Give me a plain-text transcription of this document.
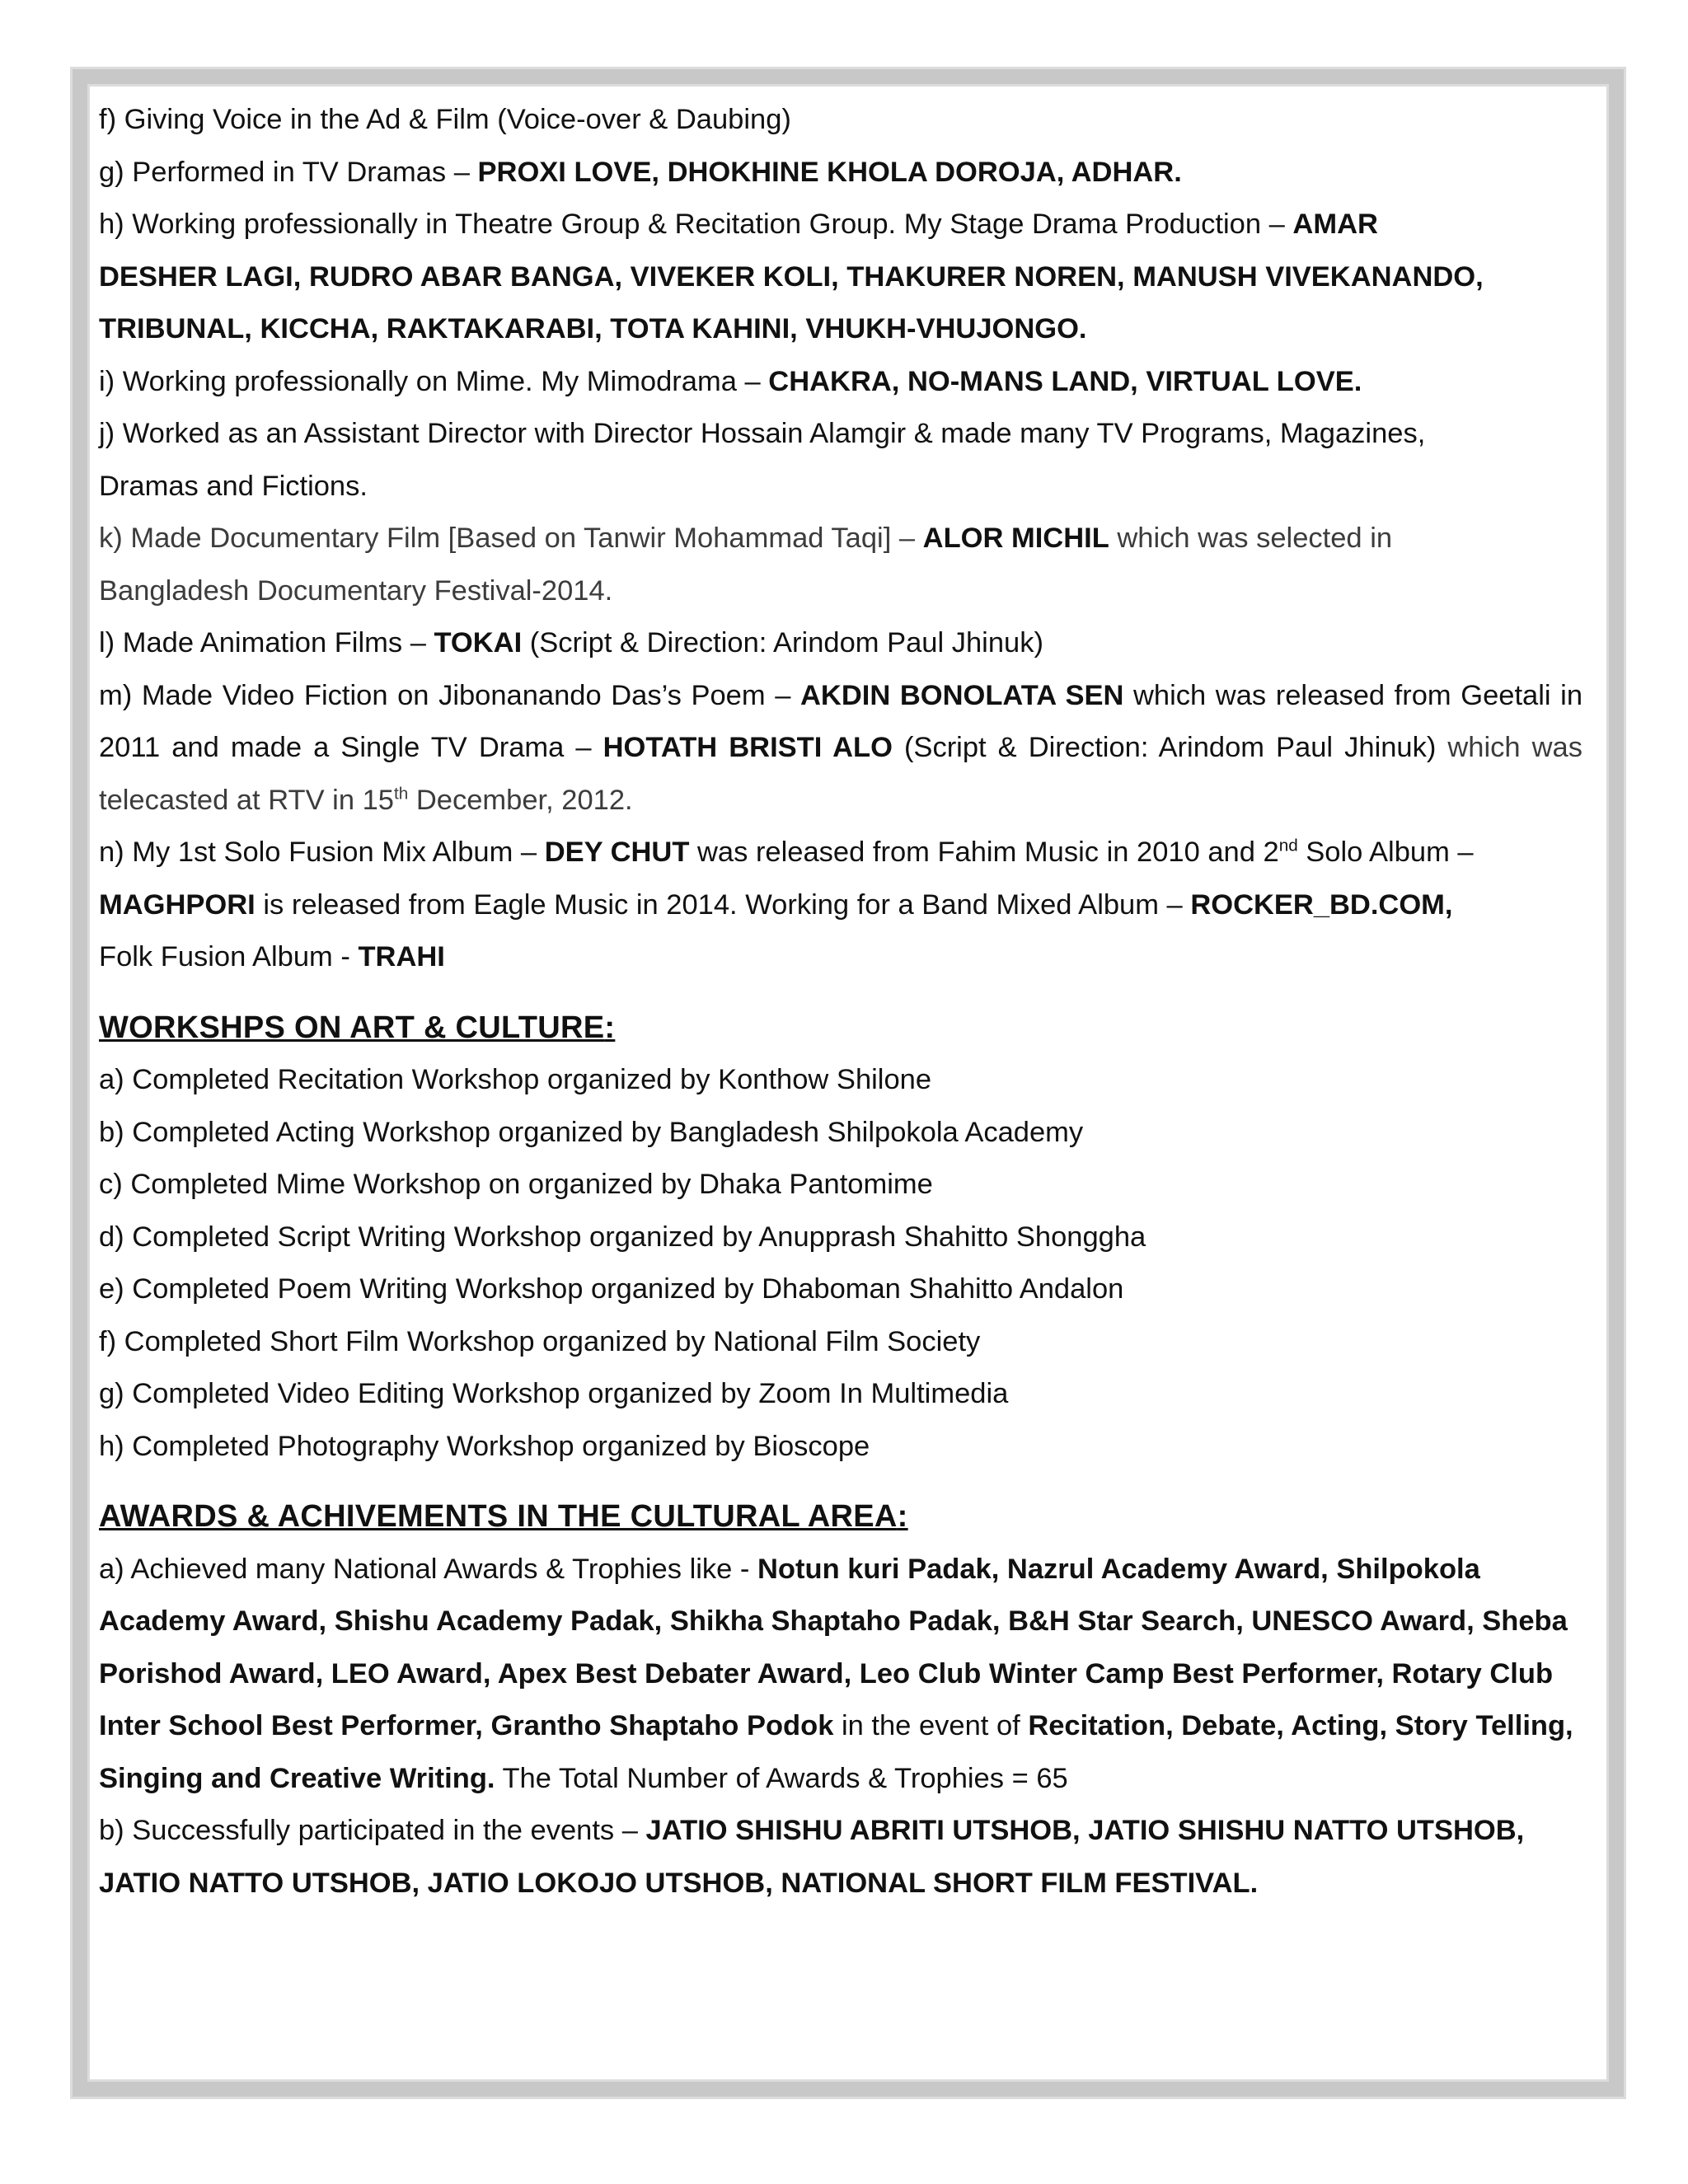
f) Giving Voice in the Ad & Film (Voice-over & Daubing)

g) Performed in TV Dramas – PROXI LOVE, DHOKHINE KHOLA DOROJA, ADHAR.

h) Working professionally in Theatre Group & Recitation Group. My Stage Drama Production – AMAR

DESHER LAGI, RUDRO ABAR BANGA, VIVEKER KOLI, THAKURER NOREN, MANUSH VIVEKANANDO,

TRIBUNAL, KICCHA, RAKTAKARABI, TOTA KAHINI, VHUKH-VHUJONGO.

i) Working professionally on Mime. My Mimodrama – CHAKRA, NO-MANS LAND, VIRTUAL LOVE.

j) Worked as an Assistant Director with Director Hossain Alamgir & made many TV Programs, Magazines,

Dramas and Fictions.

k) Made Documentary Film [Based on Tanwir Mohammad Taqi] – ALOR MICHIL which was selected in

Bangladesh Documentary Festival-2014.

l) Made Animation Films – TOKAI (Script & Direction: Arindom Paul Jhinuk)

m) Made Video Fiction on Jibonanando Das’s Poem – AKDIN BONOLATA SEN which was released from Geetali in 2011 and made a Single TV Drama – HOTATH BRISTI ALO (Script & Direction: Arindom Paul Jhinuk) which was telecasted at RTV in 15th December, 2012.

n) My 1st Solo Fusion Mix Album – DEY CHUT was released from Fahim Music in 2010 and 2nd Solo Album –
MAGHPORI is released from Eagle Music in 2014. Working for a Band Mixed Album – ROCKER_BD.COM,
Folk Fusion Album - TRAHI

WORKSHPS ON ART & CULTURE:

a) Completed Recitation Workshop organized by Konthow Shilone

b) Completed Acting Workshop organized by Bangladesh Shilpokola Academy

c) Completed Mime Workshop on organized by Dhaka Pantomime

d) Completed Script Writing Workshop organized by Anupprash Shahitto Shonggha

e) Completed Poem Writing Workshop organized by Dhaboman Shahitto Andalon

f) Completed Short Film Workshop organized by National Film Society

g) Completed Video Editing Workshop organized by Zoom In Multimedia

h) Completed Photography Workshop organized by Bioscope

AWARDS & ACHIVEMENTS IN THE CULTURAL AREA:

a) Achieved many National Awards & Trophies like - Notun kuri Padak, Nazrul Academy Award, Shilpokola Academy Award, Shishu Academy Padak, Shikha Shaptaho Padak, B&H Star Search, UNESCO Award, Sheba Porishod Award, LEO Award, Apex Best Debater Award, Leo Club Winter Camp Best Performer, Rotary Club Inter School Best Performer, Grantho Shaptaho Podok in the event of Recitation, Debate, Acting, Story Telling, Singing and Creative Writing. The Total Number of Awards & Trophies = 65

b) Successfully participated in the events – JATIO SHISHU ABRITI UTSHOB, JATIO SHISHU NATTO UTSHOB, JATIO NATTO UTSHOB, JATIO LOKOJO UTSHOB, NATIONAL SHORT FILM FESTIVAL.
